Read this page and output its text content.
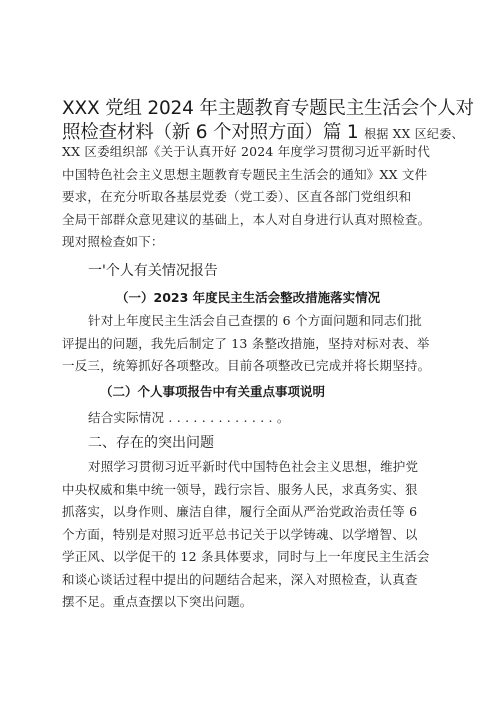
XXX 党组 2024 年主题教育专题民主生活会个人对
照检查材料（新 6 个对照方面）篇 1 根据 XX 区纪委、
XX 区委组织部《关于认真开好 2024 年度学习贯彻习近平新时代
中国特色社会主义思想主题教育专题民主生活会的通知》XX 文件
要求，在充分听取各基层党委（党工委）、区直各部门党组织和
全局干部群众意见建议的基础上，本人对自身进行认真对照检查。
现对照检查如下：
一'个人有关情况报告
（一）2023 年度民主生活会整改措施落实情况
针对上年度民主生活会自己查摆的 6 个方面问题和同志们批
评提出的问题，我先后制定了 13 条整改措施，坚持对标对表、举
一反三，统筹抓好各项整改。目前各项整改已完成并将长期坚持。
（二）个人事项报告中有关重点事项说明
结合实际情况 . . . . . . . . . . . . . 。
二、存在的突出问题
对照学习贯彻习近平新时代中国特色社会主义思想，维护党
中央权威和集中统一领导，践行宗旨、服务人民，求真务实、狠
抓落实，以身作则、廉洁自律，履行全面从严治党政治责任等 6
个方面，特别是对照习近平总书记关于以学铸魂、以学增智、以
学正风、以学促干的 12 条具体要求，同时与上一年度民主生活会
和谈心谈话过程中提出的问题结合起来，深入对照检查，认真查
摆不足。重点查摆以下突出问题。
